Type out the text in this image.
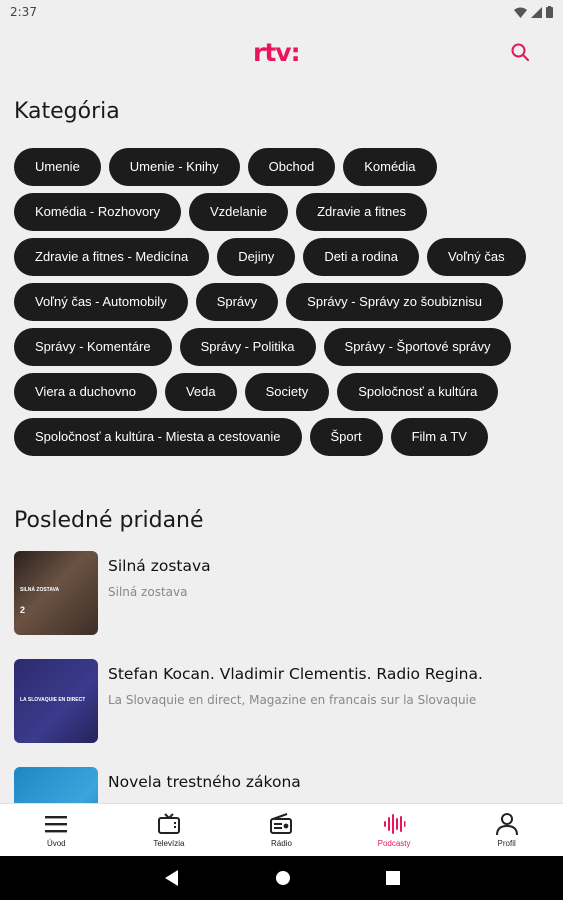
2:37
rtv:
Kategória
Umenie	Umenie - Knihy	Obchod	Komédia
Komédia - Rozhovory	Vzdelanie	Zdravie a fitnes
Zdravie a fitnes - Medicína	Dejiny	Deti a rodina	Voľný čas
Voľný čas - Automobily	Správy	Správy - Správy zo šoubiznisu
Správy - Komentáre	Správy - Politika	Správy - Športové správy
Viera a duchovno	Veda	Society	Spoločnosť a kultúra
Spoločnosť a kultúra - Miesta a cestovanie	Šport	Film a TV
Posledné pridané
SILNÁ ZOSTAVA
2
Silná zostava
Silná zostava
LA SLOVAQUIE EN DIRECT
Stefan Kocan. Vladimir Clementis. Radio Regina.
La Slovaquie en direct, Magazine en francais sur la Slovaquie
Novela trestného zákona
Úvod	Televízia	Rádio	Podcasty	Profil
